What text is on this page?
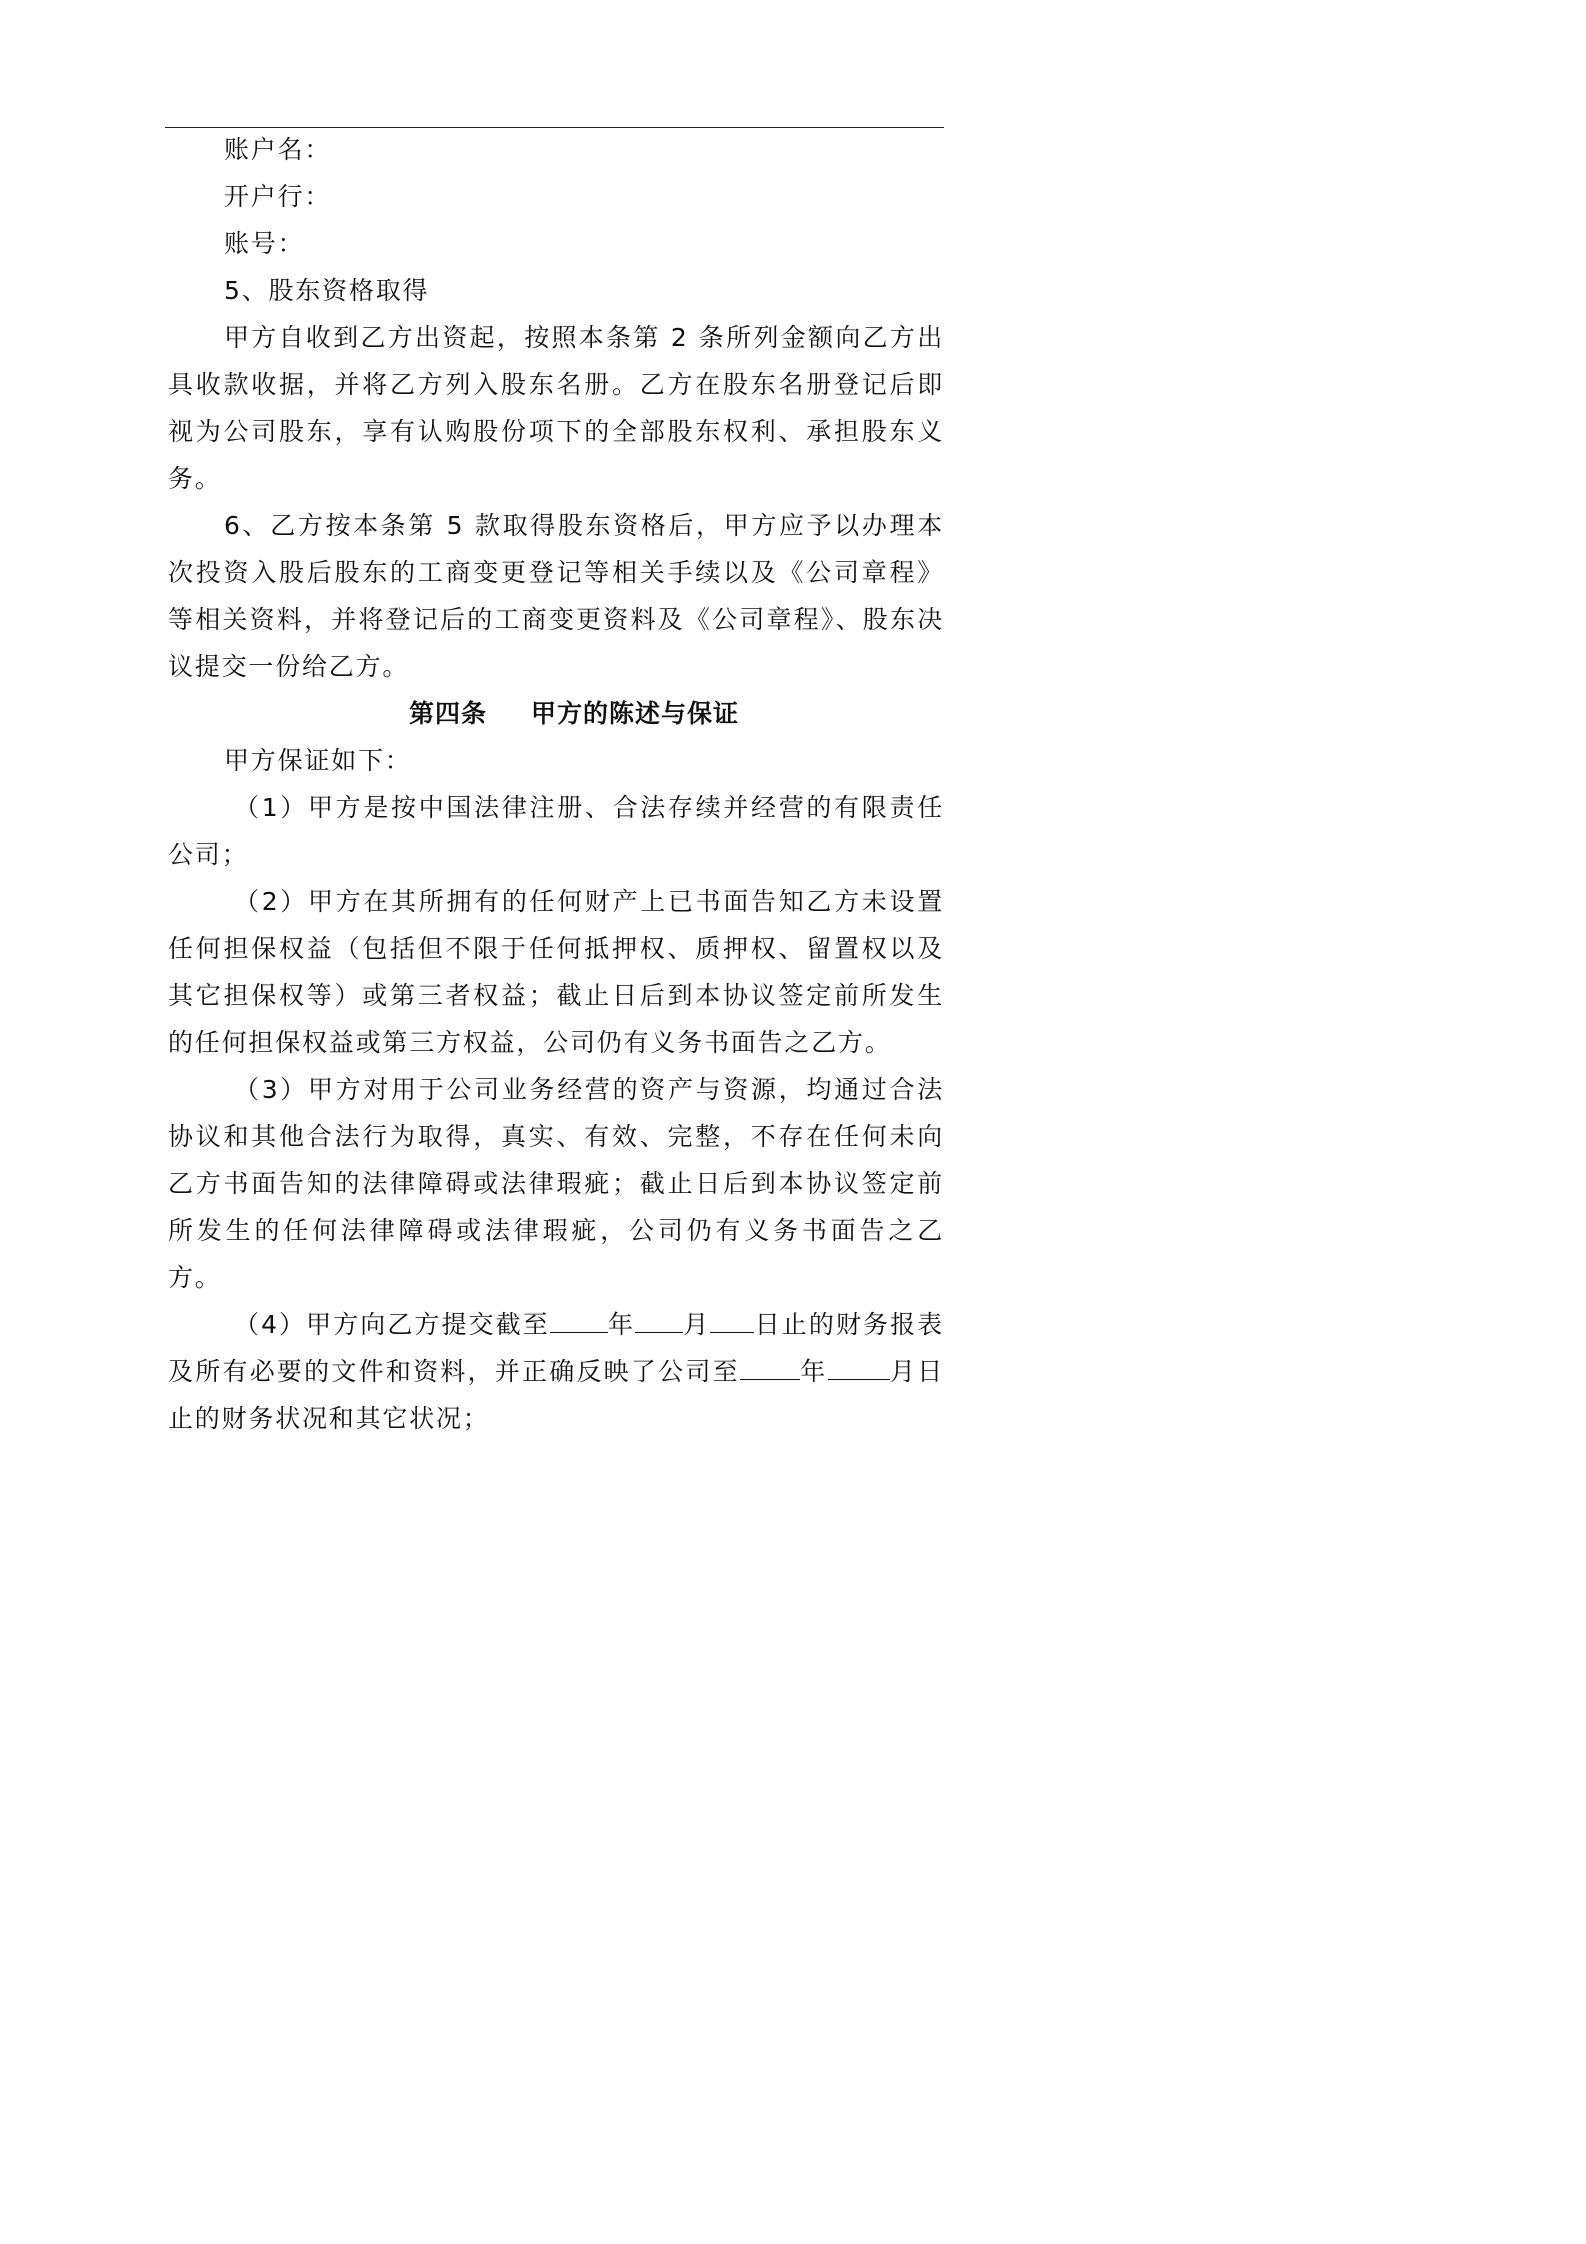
账户名：

开户行：

账号：

5、股东资格取得

甲方自收到乙方出资起，按照本条第 2 条所列金额向乙方出具收款收据，并将乙方列入股东名册。乙方在股东名册登记后即视为公司股东，享有认购股份项下的全部股东权利、承担股东义务。

6、乙方按本条第 5 款取得股东资格后，甲方应予以办理本次投资入股后股东的工商变更登记等相关手续以及《公司章程》等相关资料，并将登记后的工商变更资料及《公司章程》、股东决议提交一份给乙方。

第四条 甲方的陈述与保证

甲方保证如下：

（1）甲方是按中国法律注册、合法存续并经营的有限责任公司；

（2）甲方在其所拥有的任何财产上已书面告知乙方未设置任何担保权益（包括但不限于任何抵押权、质押权、留置权以及其它担保权等）或第三者权益；截止日后到本协议签定前所发生的任何担保权益或第三方权益，公司仍有义务书面告之乙方。

（3）甲方对用于公司业务经营的资产与资源，均通过合法协议和其他合法行为取得，真实、有效、完整，不存在任何未向乙方书面告知的法律障碍或法律瑕疵；截止日后到本协议签定前所发生的任何法律障碍或法律瑕疵，公司仍有义务书面告之乙方。

（4）甲方向乙方提交截至 年 月 日止的财务报表及所有必要的文件和资料，并正确反映了公司至 年 月日止的财务状况和其它状况；
